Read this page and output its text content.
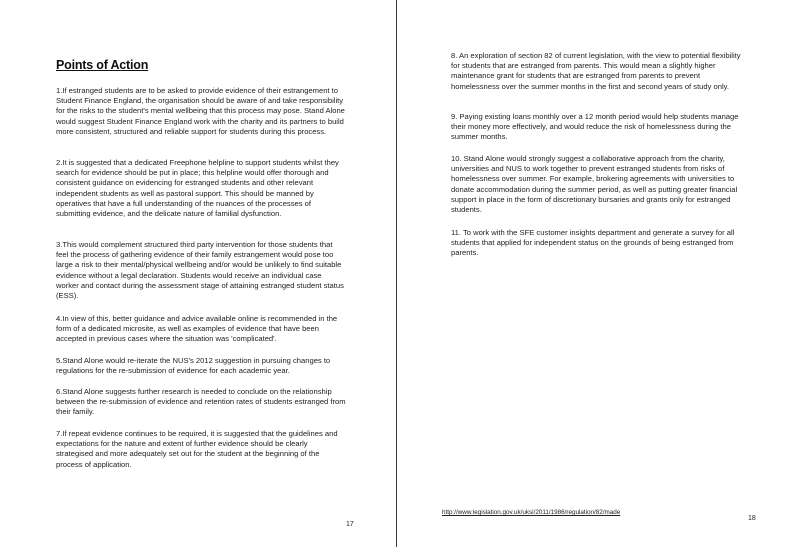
Points of Action

1.If estranged students are to be asked to provide evidence of their estrangement to Student Finance England, the organisation should be aware of and take responsibility for the risks to the student's mental wellbeing that this process may pose. Stand Alone would suggest Student Finance England work with the charity and its partners to build more consistent, structured and reliable support for students during this process.

2.It is suggested that a dedicated Freephone helpline to support students whilst they search for evidence should be put in place; this helpline would offer thorough and consistent guidance on evidencing for estranged students and other relevant independent students as well as pastoral support. This should be manned by operatives that have a full understanding of the nuances of the processes of submitting evidence, and the delicate nature of familial dysfunction.

3.This would complement structured third party intervention for those students that feel the process of gathering evidence of their family estrangement would pose too large a risk to their mental/physical wellbeing and/or would be unlikely to find suitable evidence without a legal declaration. Students would receive an individual case worker and contact during the assessment stage of attaining estranged student status (ESS).

4.In view of this, better guidance and advice available online is recommended in the form of a dedicated microsite, as well as examples of evidence that have been accepted in previous cases where the situation was 'complicated'.

5.Stand Alone would re-iterate the NUS's 2012 suggestion in pursuing changes to regulations for the re-submission of evidence for each academic year.

6.Stand Alone suggests further research is needed to conclude on the relationship between the re-submission of evidence and retention rates of students estranged from their family.

7.If repeat evidence continues to be required, it is suggested that the guidelines and expectations for the nature and extent of further evidence should be clearly strategised and more adequately set out for the student at the beginning of the process of application.

17

8. An exploration of section 82 of current legislation, with the view to potential flexibility for students that are estranged from parents. This would mean a slightly higher maintenance grant for students that are estranged from parents to prevent homelessness over the summer months in the first and second years of study only.

9. Paying existing loans monthly over a 12 month period would help students manage their money more effectively, and would reduce the risk of homelessness during the summer months.

10. Stand Alone would strongly suggest a collaborative approach from the charity, universities and NUS to work together to prevent estranged students from risks of homelessness over summer. For example, brokering agreements with universities to donate accommodation during the summer period, as well as putting greater financial support in place in the form of discretionary bursaries and grants only for estranged students.

11. To work with the SFE customer insights department and generate a survey for all students that applied for independent status on the grounds of being estranged from parents.

http://www.legislation.gov.uk/uksi/2011/1986/regulation/82/made
18
